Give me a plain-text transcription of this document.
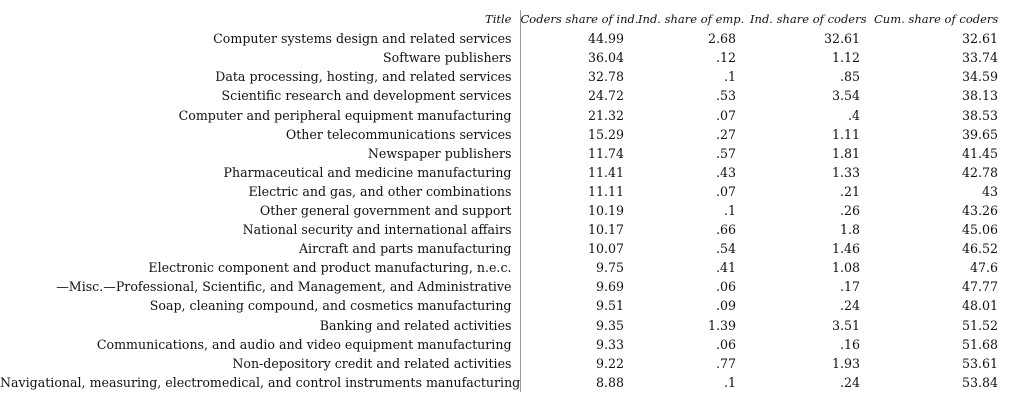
Title	Coders share of ind.	Ind. share of emp.	Ind. share of coders	Cum. share of coders
Computer systems design and related services	44.99	2.68	32.61	32.61
Software publishers	36.04	.12	1.12	33.74
Data processing, hosting, and related services	32.78	.1	.85	34.59
Scientific research and development services	24.72	.53	3.54	38.13
Computer and peripheral equipment manufacturing	21.32	.07	.4	38.53
Other telecommunications services	15.29	.27	1.11	39.65
Newspaper publishers	11.74	.57	1.81	41.45
Pharmaceutical and medicine manufacturing	11.41	.43	1.33	42.78
Electric and gas, and other combinations	11.11	.07	.21	43
Other general government and support	10.19	.1	.26	43.26
National security and international affairs	10.17	.66	1.8	45.06
Aircraft and parts manufacturing	10.07	.54	1.46	46.52
Electronic component and product manufacturing, n.e.c.	9.75	.41	1.08	47.6
—Misc.—Professional, Scientific, and Management, and Administrative	9.69	.06	.17	47.77
Soap, cleaning compound, and cosmetics manufacturing	9.51	.09	.24	48.01
Banking and related activities	9.35	1.39	3.51	51.52
Communications, and audio and video equipment manufacturing	9.33	.06	.16	51.68
Non-depository credit and related activities	9.22	.77	1.93	53.61
Navigational, measuring, electromedical, and control instruments manufacturing	8.88	.1	.24	53.84
